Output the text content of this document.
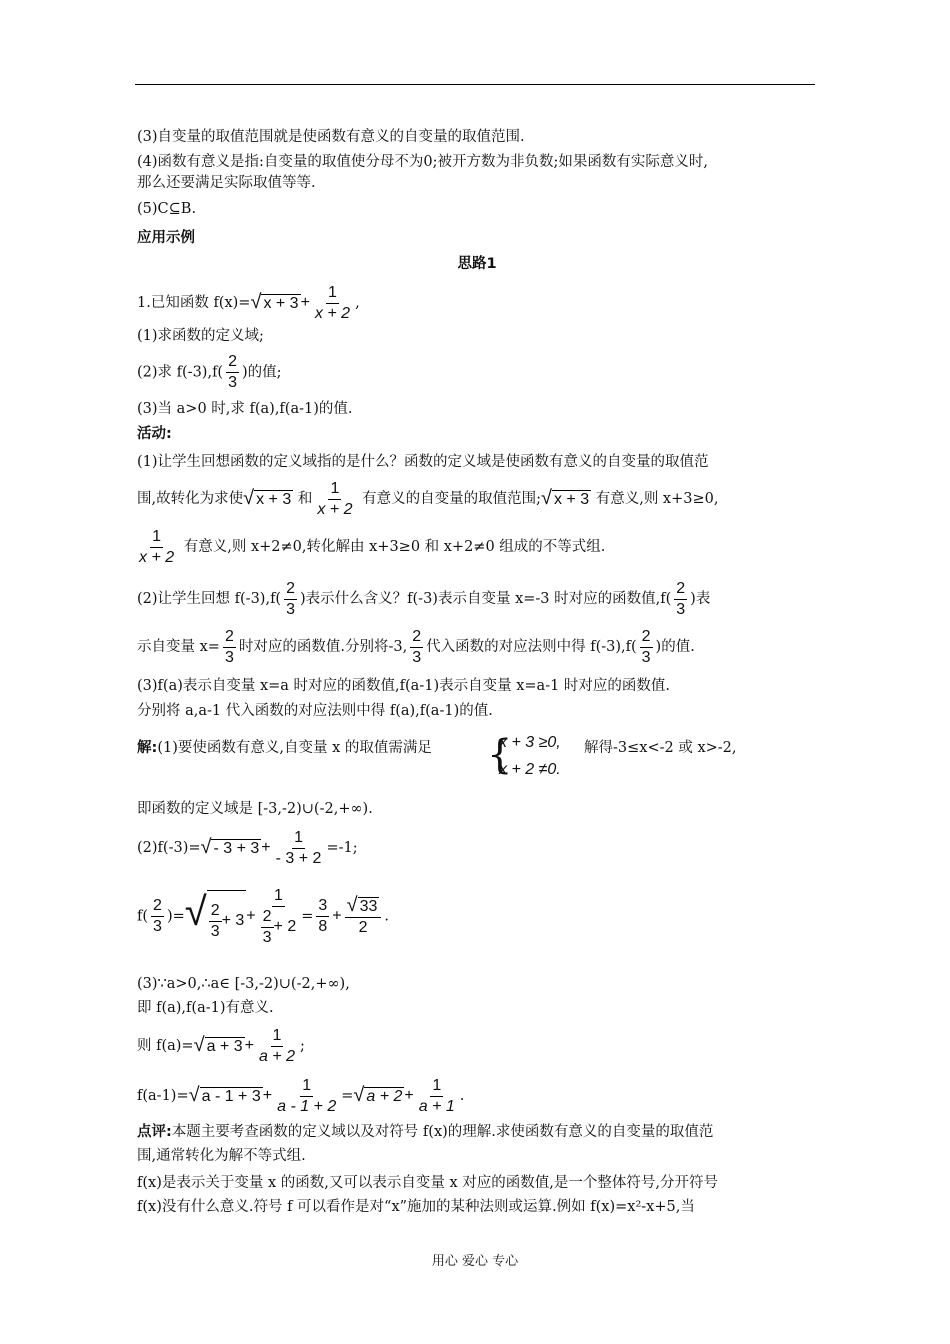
(3)自变量的取值范围就是使函数有意义的自变量的取值范围.
(4)函数有意义是指:自变量的取值使分母不为0;被开方数为非负数;如果函数有实际意义时,
那么还要满足实际取值等等.
(5)C⊆B.
应用示例
思路1
1.已知函数 f(x)=√ $x + 3 + \frac{1}{x + 2}$ ,
(1)求函数的定义域;
(2)求 $f(-3),f( \frac{2}{3}$ )的值;
(3)当 a>0 时,求 f(a),f(a-1)的值.
活动:
(1)让学生回想函数的定义域指的是什么？函数的定义域是使函数有意义的自变量的取值范
围,故转化为求使√ x + 3 和 $\frac{1}{x + 2}$ 有意义的自变量的取值范围;√ x + 3 有意义,则 x+3≥0,
$\frac{1}{x + 2}$ 有意义,则 x+2≠0,转化解由 x+3≥0 和 x+2≠0 组成的不等式组.
(2)让学生回想 $f(-3),f( \frac{2}{3}$ )表示什么含义？f(-3)表示自变量 x=-3 时对应的函数值$,f( \frac{2}{3}$ )表
示自变量 $x= \frac{2}{3}$ 时对应的函数值.分别将-3, $\frac{2}{3}$ 代入函数的对应法则中得 $f(-3),f( \frac{2}{3}$ )的值.
(3)f(a)表示自变量 x=a 时对应的函数值,f(a-1)表示自变量 x=a-1 时对应的函数值.
分别将 a,a-1 代入函数的对应法则中得 f(a),f(a-1)的值.
解:(1)要使函数有意义,自变量 x 的取值需满足 {
x + 3 ≥0,
x + 2 ≠0.
解得-3≤x<-2 或 x>-2,
即函数的定义域是 [-3,-2)∪(-2,+∞).
$(2)f(-3)=√ - 3 + 3 + \frac{1}{- 3 + 2} =-1$;
$f( \frac{2}{3}$ )=√ $\frac{2}{3} + 3 + \frac{1}{\frac{2}{3} + 2} = \frac{3}{8} + \frac{√ 33}{2}$ .
(3)∵a>0,∴a∈ [-3,-2)∪(-2,+∞),
即 f(a),f(a-1)有意义.
则 f(a)=√ $a + 3 + \frac{1}{a + 2}$ ;
f(a-1)=√ $a - 1 + 3 + \frac{1}{a - 1 + 2}$ =√ $a + 2 + \frac{1}{a + 1}$ .
点评:本题主要考查函数的定义域以及对符号 f(x)的理解.求使函数有意义的自变量的取值范
围,通常转化为解不等式组.
f(x)是表示关于变量 x 的函数,又可以表示自变量 x 对应的函数值,是一个整体符号,分开符号
f(x)没有什么意义.符号 f 可以看作是对“x”施加的某种法则或运算.例如 f(x)=x²-x+5,当
用心 爱心 专心
